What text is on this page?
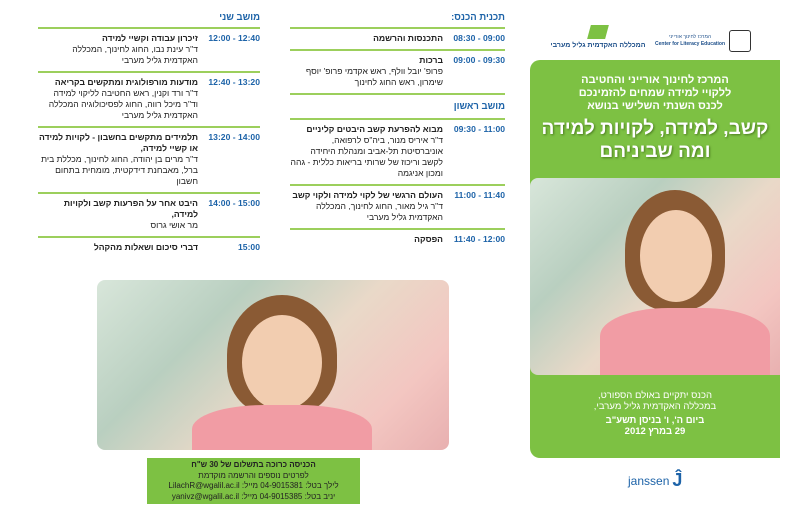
מושב שני
12:00 - 12:40
זיכרון עבודה וקשיי למידה
ד"ר עינת נבו, החוג לחינוך, המכללה האקדמית גליל מערבי
12:40 - 13:20
מודעות מורפולוגית ומתקשים בקריאה
ד"ר ורד וקנין, ראש החטיבה לליקוי למידה וד"ר מיכל רווה, החוג לפסיכולוגיה המכללה האקדמית גליל מערבי
13:20 - 14:00
תלמידים מתקשים בחשבון - לקויות למידה או קשיי למידה,
ד"ר מרים בן יהודה, החוג לחינוך, מכללת בית ברל, מאבחנת דידקטית, מומחית בתחום חשבון
14:00 - 15:00
היבט אחר על הפרעות קשב ולקויות למידה,
מר אושי גרוס
15:00
דברי סיכום ושאלות מהקהל
תכנית הכנס:
08:30 - 09:00
התכנסות והרשמה
09:00 - 09:30
ברכות
פרופ' יובל וולף, ראש אקדמי פרופ' יוסף שימרון, ראש החוג לחינוך
מושב ראשון
09:30 - 11:00
מבוא להפרעת קשב היבטים קליניים
ד"ר איריס מנור, ביה"ס לרפואה, אוניברסיטת תל-אביב ומנהלת היחידה לקשב וריכוז של שרותי בריאות כללית - גהה ומכון אניגמה
11:00 - 11:40
העולם הרגשי של לקוי למידה ולקוי קשב
ד"ר גיל מאור, החוג לחינוך, המכללה האקדמית גליל מערבי
11:40 - 12:00
הפסקה
הכניסה כרוכה בתשלום של 30 ש"ח
לפרטים נוספים והרשמה מוקדמת
לילך בטל: 04-9015381 מייל: LilachR@wgalil.ac.il
יניב בטל: 04-9015385 מייל: yanivz@wgalil.ac.il
המכללה האקדמית גליל מערבי
המרכז לחינוך אורייני
Center for Literacy Education
המרכז לחינוך אורייני והחטיבה
ללקויי למידה שמחים להזמינכם
לכנס השנתי השלישי בנושא
קשב, למידה, לקויות למידה
ומה שביניהם
הכנס יתקיים באולם הספורט,
במכללה האקדמית גליל מערבי,
ביום ה', ו' בניסן תשע"ב
29 במרץ 2012
janssen Ĵ
